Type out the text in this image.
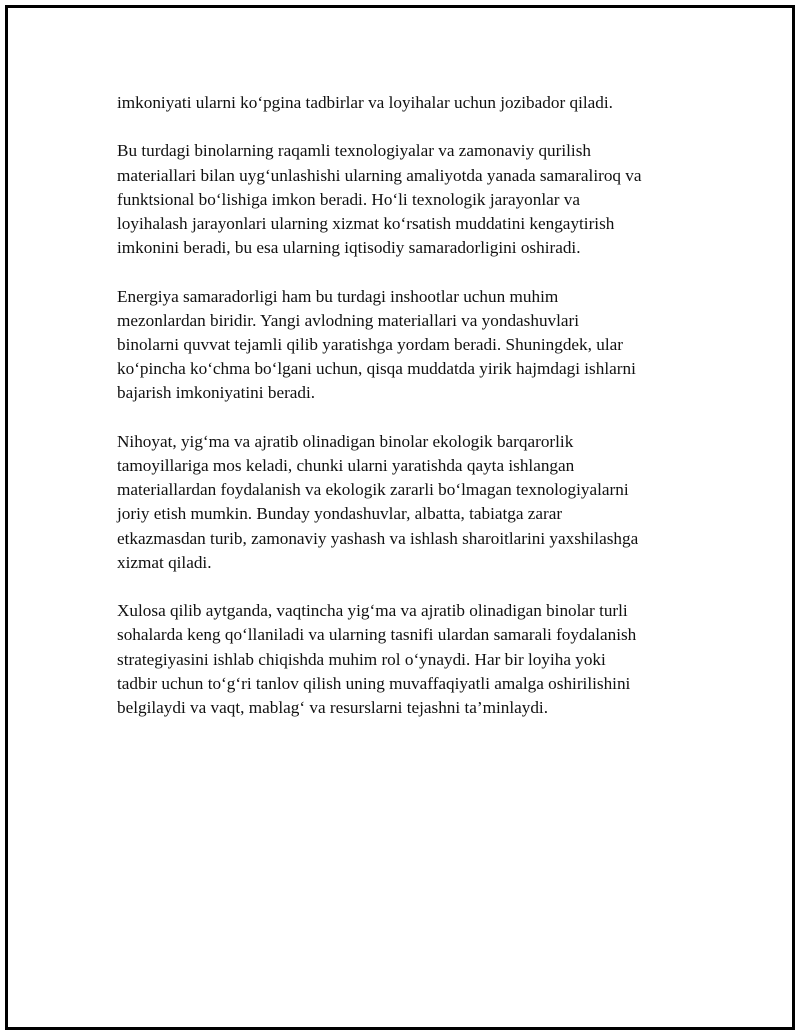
imkoniyati ularni ko‘pgina tadbirlar va loyihalar uchun jozibador qiladi.

Bu turdagi binolarning raqamli texnologiyalar va zamonaviy qurilish
materiallari bilan uyg‘unlashishi ularning amaliyotda yanada samaraliroq va
funktsional bo‘lishiga imkon beradi. Ho‘li texnologik jarayonlar va
loyihalash jarayonlari ularning xizmat ko‘rsatish muddatini kengaytirish
imkonini beradi, bu esa ularning iqtisodiy samaradorligini oshiradi.

Energiya samaradorligi ham bu turdagi inshootlar uchun muhim
mezonlardan biridir. Yangi avlodning materiallari va yondashuvlari
binolarni quvvat tejamli qilib yaratishga yordam beradi. Shuningdek, ular
ko‘pincha ko‘chma bo‘lgani uchun, qisqa muddatda yirik hajmdagi ishlarni
bajarish imkoniyatini beradi.

Nihoyat, yig‘ma va ajratib olinadigan binolar ekologik barqarorlik
tamoyillariga mos keladi, chunki ularni yaratishda qayta ishlangan
materiallardan foydalanish va ekologik zararli bo‘lmagan texnologiyalarni
joriy etish mumkin. Bunday yondashuvlar, albatta, tabiatga zarar
etkazmasdan turib, zamonaviy yashash va ishlash sharoitlarini yaxshilashga
xizmat qiladi.

Xulosa qilib aytganda, vaqtincha yig‘ma va ajratib olinadigan binolar turli
sohalarda keng qo‘llaniladi va ularning tasnifi ulardan samarali foydalanish
strategiyasini ishlab chiqishda muhim rol o‘ynaydi. Har bir loyiha yoki
tadbir uchun to‘g‘ri tanlov qilish uning muvaffaqiyatli amalga oshirilishini
belgilaydi va vaqt, mablag‘ va resurslarni tejashni ta’minlaydi.
